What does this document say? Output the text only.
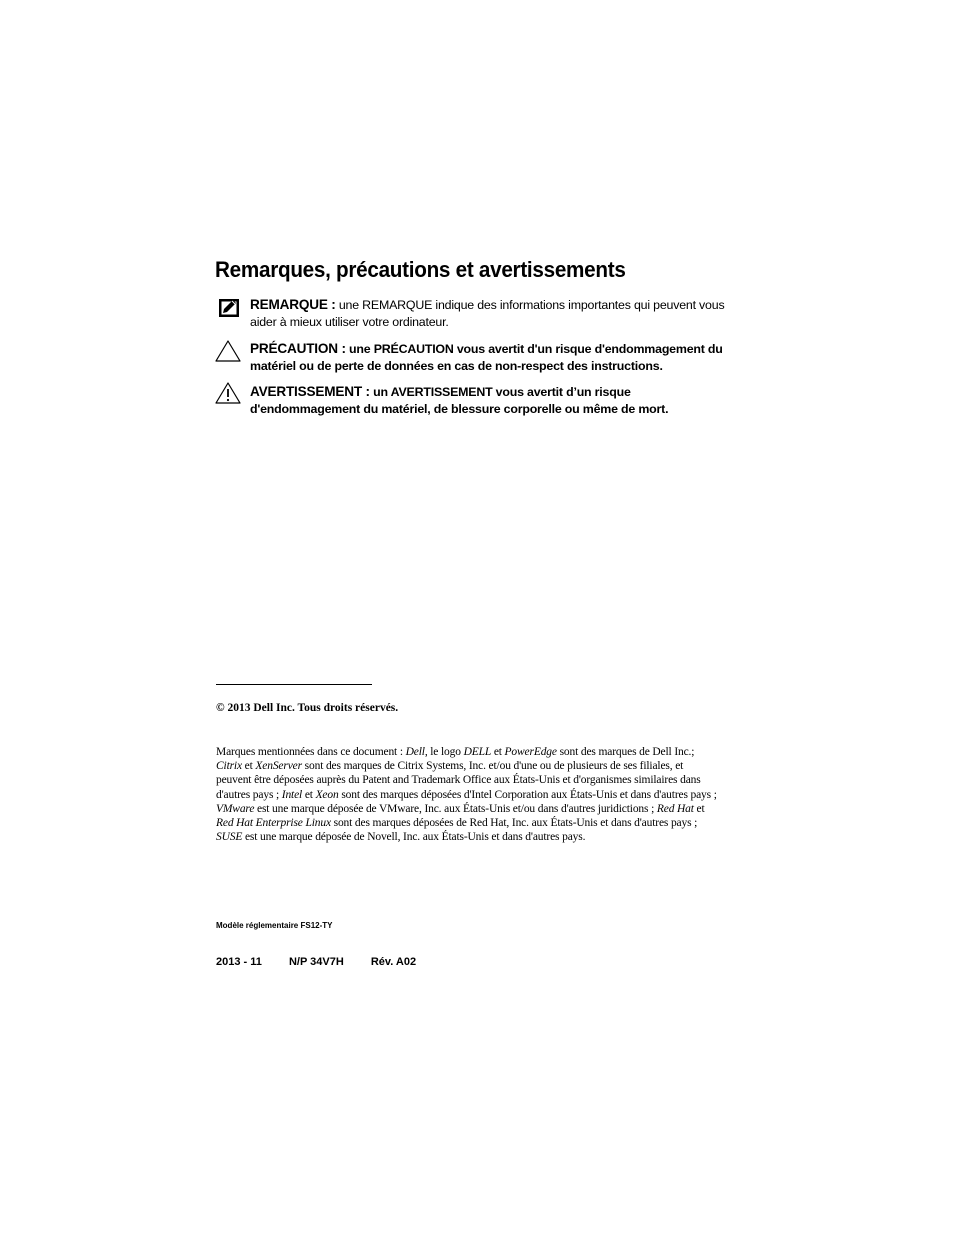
Remarques, précautions et avertissements
REMARQUE : une REMARQUE indique des informations importantes qui peuvent vous aider à mieux utiliser votre ordinateur.
PRÉCAUTION : une PRÉCAUTION vous avertit d'un risque d'endommagement du matériel ou de perte de données en cas de non-respect des instructions.
AVERTISSEMENT : un AVERTISSEMENT vous avertit d’un risque d'endommagement du matériel, de blessure corporelle ou même de mort.
© 2013 Dell Inc. Tous droits réservés.
Marques mentionnées dans ce document : Dell, le logo DELL et PowerEdge sont des marques de Dell Inc.; Citrix et XenServer sont des marques de Citrix Systems, Inc. et/ou d'une ou de plusieurs de ses filiales, et peuvent être déposées auprès du Patent and Trademark Office aux États-Unis et d'organismes similaires dans d'autres pays ; Intel et Xeon sont des marques déposées d'Intel Corporation aux États-Unis et dans d'autres pays ; VMware est une marque déposée de VMware, Inc. aux États-Unis et/ou dans d'autres juridictions ; Red Hat et Red Hat Enterprise Linux sont des marques déposées de Red Hat, Inc. aux États-Unis et dans d'autres pays ; SUSE est une marque déposée de Novell, Inc. aux États-Unis et dans d'autres pays.
Modèle réglementaire FS12-TY
2013 - 11 N/P 34V7H Rév. A02
